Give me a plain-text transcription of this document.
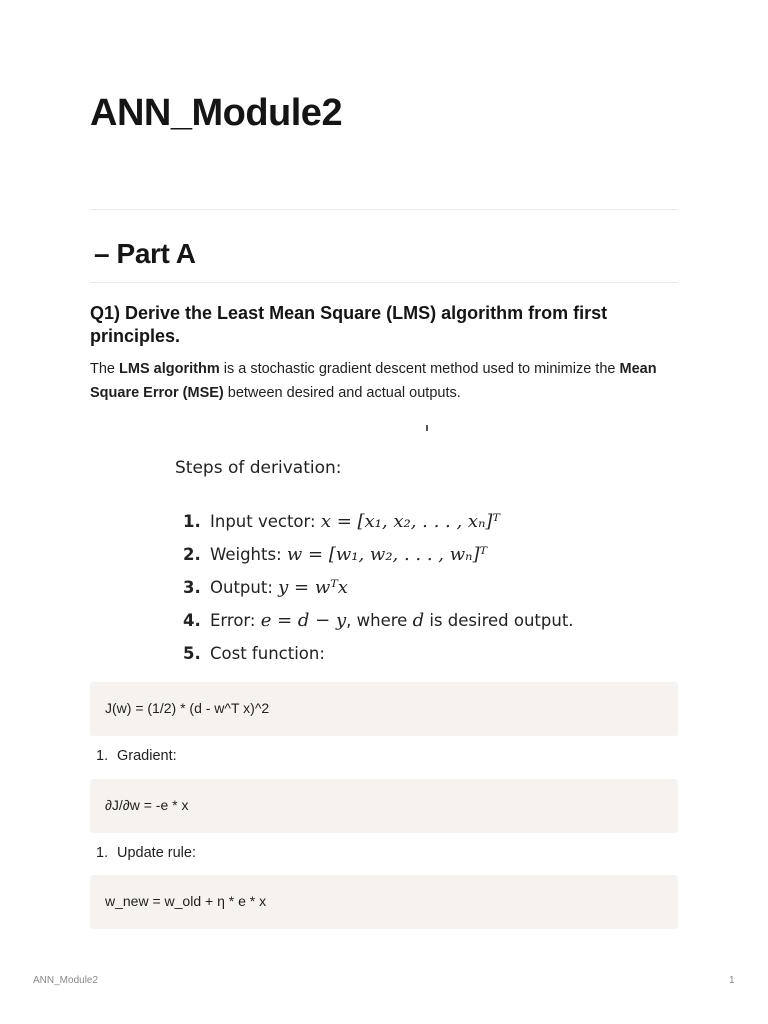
ANN_Module2
– Part A
Q1) Derive the Least Mean Square (LMS) algorithm from first principles.

The LMS algorithm is a stochastic gradient descent method used to minimize the Mean Square Error (MSE) between desired and actual outputs.

Steps of derivation:
1. Input vector: x = [x₁, x₂, . . . , xₙ]ᵀ
2. Weights: w = [w₁, w₂, . . . , wₙ]ᵀ
3. Output: y = wᵀx
4. Error: e = d − y, where d is desired output.
5. Cost function:
J(w) = (1/2) * (d - w^T x)^2
1. Gradient:
∂J/∂w = -e * x
1. Update rule:
w_new = w_old + η * e * x
ANN_Module2	1
